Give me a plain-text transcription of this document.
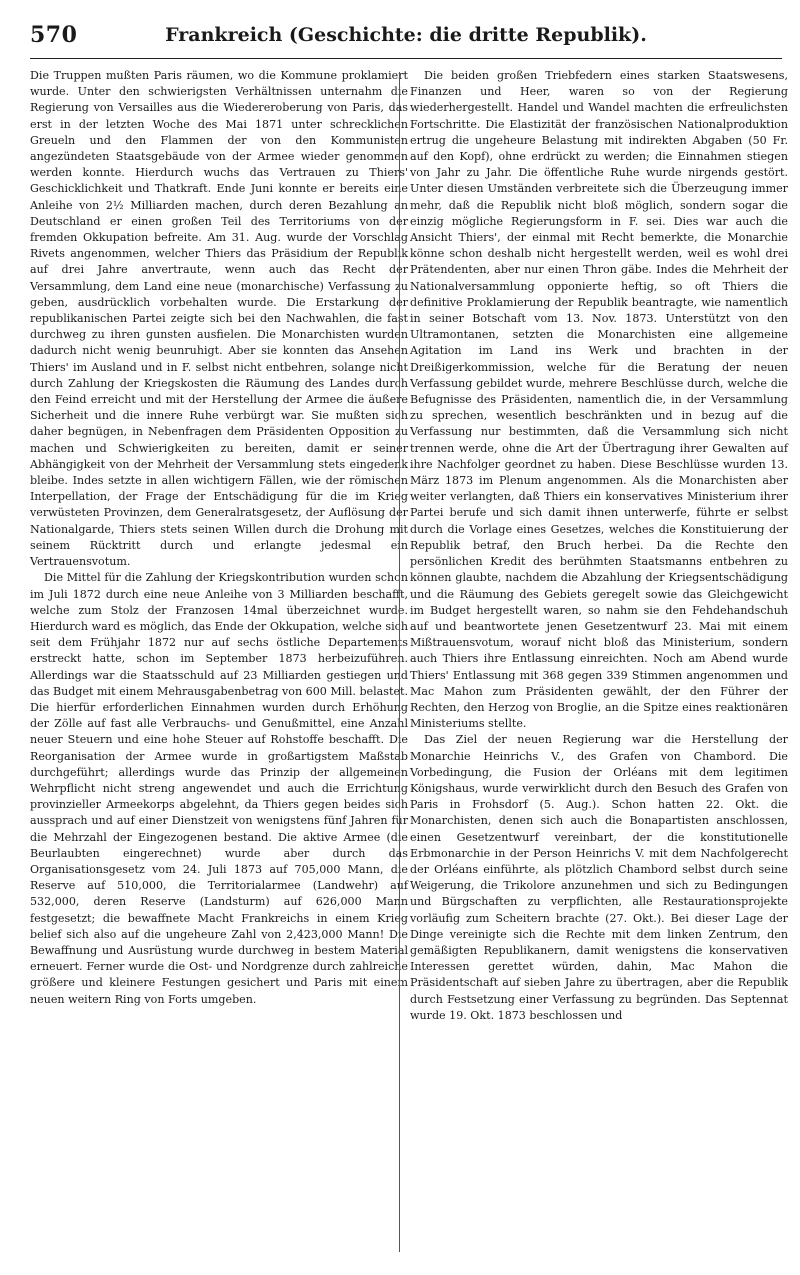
570	Frankreich (Geschichte: die dritte Republik).

Die Truppen mußten Paris räumen, wo die Kommune proklamiert wurde. Unter den schwierigsten Verhältnissen unternahm die Regierung von Versailles aus die Wiedereroberung von Paris, das erst in der letzten Woche des Mai 1871 unter schrecklichen Greueln und den Flammen der von den Kommunisten angezündeten Staatsgebäude von der Armee wieder genommen werden konnte. Hierdurch wuchs das Vertrauen zu Thiers' Geschicklichkeit und Thatkraft. Ende Juni konnte er bereits eine Anleihe von 2½ Milliarden machen, durch deren Bezahlung an Deutschland er einen großen Teil des Territoriums von der fremden Okkupation befreite. Am 31. Aug. wurde der Vorschlag Rivets angenommen, welcher Thiers das Präsidium der Republik auf drei Jahre anvertraute, wenn auch das Recht der Versammlung, dem Land eine neue (monarchische) Verfassung zu geben, ausdrücklich vorbehalten wurde. Die Erstarkung der republikanischen Partei zeigte sich bei den Nachwahlen, die fast durchweg zu ihren gunsten ausfielen. Die Monarchisten wurden dadurch nicht wenig beunruhigt. Aber sie konnten das Ansehen Thiers' im Ausland und in F. selbst nicht entbehren, solange nicht durch Zahlung der Kriegskosten die Räumung des Landes durch den Feind erreicht und mit der Herstellung der Armee die äußere Sicherheit und die innere Ruhe verbürgt war. Sie mußten sich daher begnügen, in Nebenfragen dem Präsidenten Opposition zu machen und Schwierigkeiten zu bereiten, damit er seiner Abhängigkeit von der Mehrheit der Versammlung stets eingedenk bleibe. Indes setzte in allen wichtigern Fällen, wie der römischen Interpellation, der Frage der Entschädigung für die im Krieg verwüsteten Provinzen, dem Generalratsgesetz, der Auflösung der Nationalgarde, Thiers stets seinen Willen durch die Drohung mit seinem Rücktritt durch und erlangte jedesmal ein Vertrauensvotum.

Die Mittel für die Zahlung der Kriegskontribution wurden schon im Juli 1872 durch eine neue Anleihe von 3 Milliarden beschafft, welche zum Stolz der Franzosen 14mal überzeichnet wurde. Hierdurch ward es möglich, das Ende der Okkupation, welche sich seit dem Frühjahr 1872 nur auf sechs östliche Departements erstreckt hatte, schon im September 1873 herbeizuführen. Allerdings war die Staatsschuld auf 23 Milliarden gestiegen und das Budget mit einem Mehrausgabenbetrag von 600 Mill. belastet. Die hierfür erforderlichen Einnahmen wurden durch Erhöhung der Zölle auf fast alle Verbrauchs- und Genußmittel, eine Anzahl neuer Steuern und eine hohe Steuer auf Rohstoffe beschafft. Die Reorganisation der Armee wurde in großartigstem Maßstab durchgeführt; allerdings wurde das Prinzip der allgemeinen Wehrpflicht nicht streng angewendet und auch die Errichtung provinzieller Armeekorps abgelehnt, da Thiers gegen beides sich aussprach und auf einer Dienstzeit von wenigstens fünf Jahren für die Mehrzahl der Eingezogenen bestand. Die aktive Armee (die Beurlaubten eingerechnet) wurde aber durch das Organisationsgesetz vom 24. Juli 1873 auf 705,000 Mann, die Reserve auf 510,000, die Territorialarmee (Landwehr) auf 532,000, deren Reserve (Landsturm) auf 626,000 Mann festgesetzt; die bewaffnete Macht Frankreichs in einem Krieg belief sich also auf die ungeheure Zahl von 2,423,000 Mann! Die Bewaffnung und Ausrüstung wurde durchweg in bestem Material erneuert. Ferner wurde die Ost- und Nordgrenze durch zahlreiche größere und kleinere Festungen gesichert und Paris mit einem neuen weitern Ring von Forts umgeben.

Die beiden großen Triebfedern eines starken Staatswesens, Finanzen und Heer, waren so von der Regierung wiederhergestellt. Handel und Wandel machten die erfreulichsten Fortschritte. Die Elastizität der französischen Nationalproduktion ertrug die ungeheure Belastung mit indirekten Abgaben (50 Fr. auf den Kopf), ohne erdrückt zu werden; die Einnahmen stiegen von Jahr zu Jahr. Die öffentliche Ruhe wurde nirgends gestört. Unter diesen Umständen verbreitete sich die Überzeugung immer mehr, daß die Republik nicht bloß möglich, sondern sogar die einzig mögliche Regierungsform in F. sei. Dies war auch die Ansicht Thiers', der einmal mit Recht bemerkte, die Monarchie könne schon deshalb nicht hergestellt werden, weil es wohl drei Prätendenten, aber nur einen Thron gäbe. Indes die Mehrheit der Nationalversammlung opponierte heftig, so oft Thiers die definitive Proklamierung der Republik beantragte, wie namentlich in seiner Botschaft vom 13. Nov. 1873. Unterstützt von den Ultramontanen, setzten die Monarchisten eine allgemeine Agitation im Land ins Werk und brachten in der Dreißigerkommission, welche für die Beratung der neuen Verfassung gebildet wurde, mehrere Beschlüsse durch, welche die Befugnisse des Präsidenten, namentlich die, in der Versammlung zu sprechen, wesentlich beschränkten und in bezug auf die Verfassung nur bestimmten, daß die Versammlung sich nicht trennen werde, ohne die Art der Übertragung ihrer Gewalten auf ihre Nachfolger geordnet zu haben. Diese Beschlüsse wurden 13. März 1873 im Plenum angenommen. Als die Monarchisten aber weiter verlangten, daß Thiers ein konservatives Ministerium ihrer Partei berufe und sich damit ihnen unterwerfe, führte er selbst durch die Vorlage eines Gesetzes, welches die Konstituierung der Republik betraf, den Bruch herbei. Da die Rechte den persönlichen Kredit des berühmten Staatsmanns entbehren zu können glaubte, nachdem die Abzahlung der Kriegsentschädigung und die Räumung des Gebiets geregelt sowie das Gleichgewicht im Budget hergestellt waren, so nahm sie den Fehdehandschuh auf und beantwortete jenen Gesetzentwurf 23. Mai mit einem Mißtrauensvotum, worauf nicht bloß das Ministerium, sondern auch Thiers ihre Entlassung einreichten. Noch am Abend wurde Thiers' Entlassung mit 368 gegen 339 Stimmen angenommen und Mac Mahon zum Präsidenten gewählt, der den Führer der Rechten, den Herzog von Broglie, an die Spitze eines reaktionären Ministeriums stellte.

Das Ziel der neuen Regierung war die Herstellung der Monarchie Heinrichs V., des Grafen von Chambord. Die Vorbedingung, die Fusion der Orléans mit dem legitimen Königshaus, wurde verwirklicht durch den Besuch des Grafen von Paris in Frohsdorf (5. Aug.). Schon hatten 22. Okt. die Monarchisten, denen sich auch die Bonapartisten anschlossen, einen Gesetzentwurf vereinbart, der die konstitutionelle Erbmonarchie in der Person Heinrichs V. mit dem Nachfolgerecht der Orléans einführte, als plötzlich Chambord selbst durch seine Weigerung, die Trikolore anzunehmen und sich zu Bedingungen und Bürgschaften zu verpflichten, alle Restaurationsprojekte vorläufig zum Scheitern brachte (27. Okt.). Bei dieser Lage der Dinge vereinigte sich die Rechte mit dem linken Zentrum, den gemäßigten Republikanern, damit wenigstens die konservativen Interessen gerettet würden, dahin, Mac Mahon die Präsidentschaft auf sieben Jahre zu übertragen, aber die Republik durch Festsetzung einer Verfassung zu begründen. Das Septennat wurde 19. Okt. 1873 beschlossen und
